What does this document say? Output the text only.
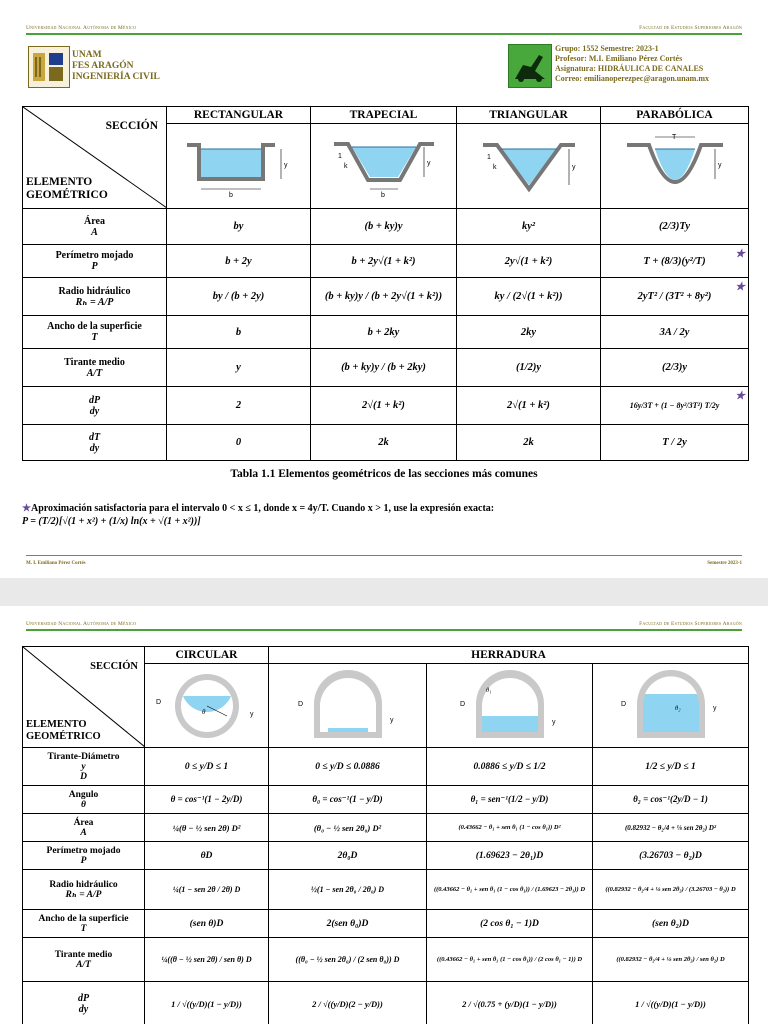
Universidad Nacional Autónoma de México	Facultad de Estudios Superiores Aragón
UNAM
FES ARAGÓN
INGENIERÍA CIVIL
Grupo: 1552 Semestre: 2023-1
Profesor: M.I. Emiliano Pérez Cortés
Asignatura: HIDRÁULICA DE CANALES
Correo: emilianoperezpec@aragon.unam.mx
SECCIÓN
ELEMENTO
GEOMÉTRICO	RECTANGULAR	TRAPECIAL	TRIANGULAR	PARABÓLICA

y
b	1
k y
b	1
k y	T
y

Área
A	by	(b + ky)y	ky²	(2/3)Ty
Perímetro mojado
P	b + 2y	b + 2y√(1 + k²)	2y√(1 + k²)	T + (8/3)(y²/T)
★

Radio hidráulico
Rₕ = A/P	by / (b + 2y)	(b + ky)y / (b + 2y√(1 + k²))	ky / (2√(1 + k²))	2yT² / (3T² + 8y²)
★

Ancho de la superficie
T	b	b + 2ky	2ky	3A / 2y
Tirante medio
A/T	y	(b + ky)y / (b + 2ky)	(1/2)y	(2/3)y
dP
dy	2	2√(1 + k²)	2√(1 + k²)	16y/3T + (1 − 8y²/3T²) T/2y
★

dT
dy	0	2k	2k	T / 2y
Tabla 1.1 Elementos geométricos de las secciones más comunes
★Aproximación satisfactoria para el intervalo 0 < x ≤ 1, donde x = 4y/T. Cuando x > 1, use la expresión exacta:
P = (T/2)[√(1 + x²) + (1/x) ln(x + √(1 + x²))]
M. I. Emiliano Pérez Cortés	Semestre 2023-1
Universidad Nacional Autónoma de México	Facultad de Estudios Superiores Aragón
SECCIÓN
ELEMENTO
GEOMÉTRICO	CIRCULAR	HERRADURA		

θ
D
y	D
y	θ₁
D
y	θ₂
D
y

Tirante-Diámetro
y
D	0 ≤ y/D ≤ 1	0 ≤ y/D ≤ 0.0886	0.0886 ≤ y/D ≤ 1/2	1/2 ≤ y/D ≤ 1
Angulo
θ	θ = cos⁻¹(1 − 2y/D)	θ₀ = cos⁻¹(1 − y/D)	θ₁ = sen⁻¹(1/2 − y/D)	θ₂ = cos⁻¹(2y/D − 1)
Área
A	¼(θ − ½ sen 2θ) D²	(θ₀ − ½ sen 2θ₀) D²	(0.43662 − θ₁ + sen θ₁ (1 − cos θ₁)) D²	(0.82932 − θ₂/4 + ⅛ sen 2θ₂) D²
Perímetro mojado
P	θD	2θ₀D	(1.69623 − 2θ₁)D	(3.26703 − θ₂)D
Radio hidráulico
Rₕ = A/P	¼(1 − sen 2θ / 2θ) D	½(1 − sen 2θ₀ / 2θ₀) D	((0.43662 − θ₁ + sen θ₁ (1 − cos θ₁)) / (1.69623 − 2θ₁)) D	((0.82932 − θ₂/4 + ⅛ sen 2θ₂) / (3.26703 − θ₂)) D
Ancho de la superficie
T	(sen θ)D	2(sen θ₀)D	(2 cos θ₁ − 1)D	(sen θ₂)D
Tirante medio
A/T	¼((θ − ½ sen 2θ) / sen θ) D	((θ₀ − ½ sen 2θ₀) / (2 sen θ₀)) D	((0.43662 − θ₁ + sen θ₁ (1 − cos θ₁)) / (2 cos θ₁ − 1)) D	((0.82932 − θ₂/4 + ⅛ sen 2θ₂) / sen θ₂) D
dP
dy	1 / √((y/D)(1 − y/D))	2 / √((y/D)(2 − y/D))	2 / √(0.75 + (y/D)(1 − y/D))	1 / √((y/D)(1 − y/D))
